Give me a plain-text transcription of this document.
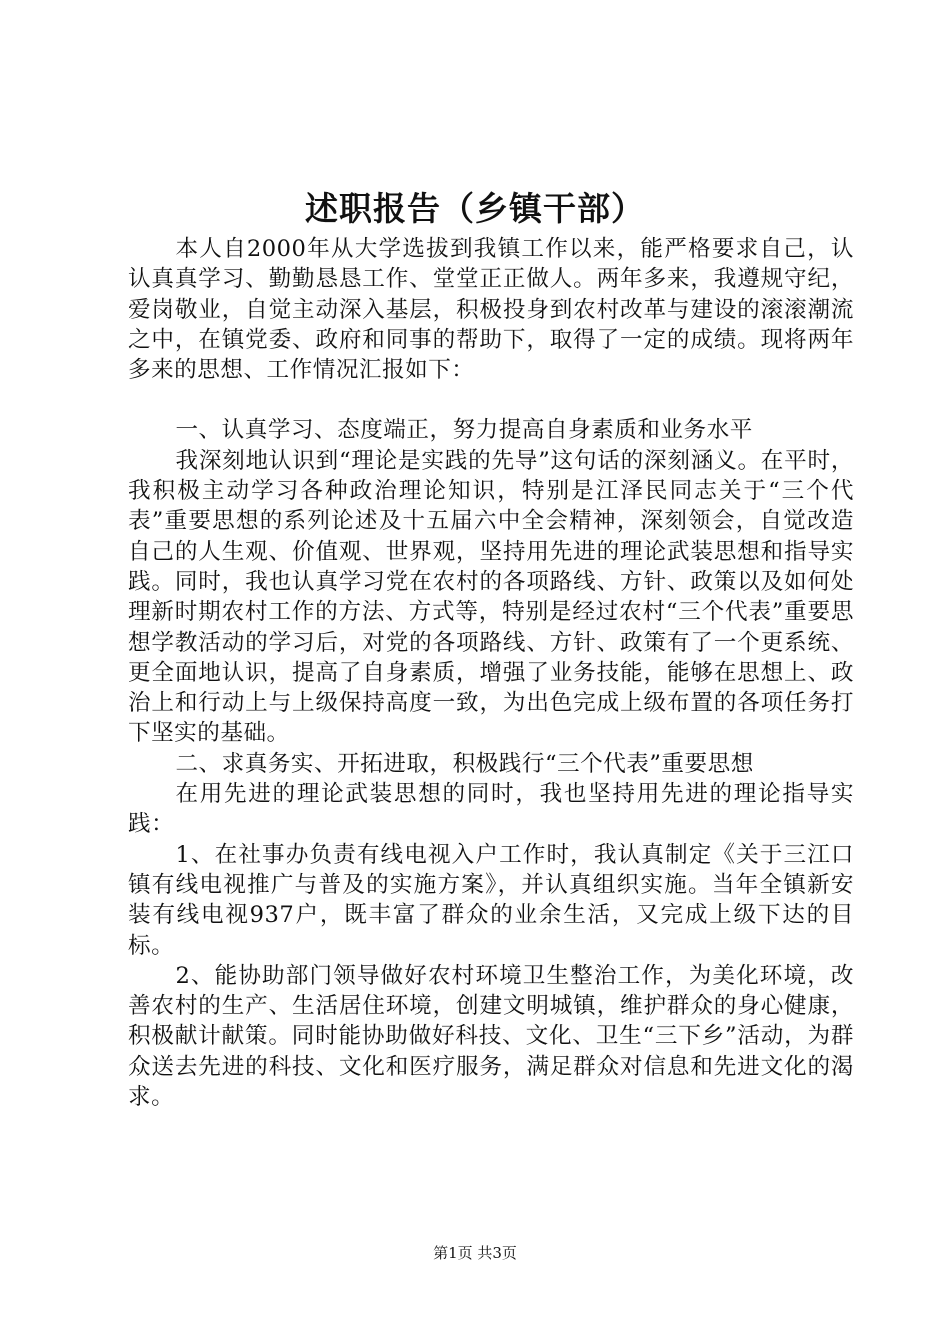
述职报告（乡镇干部）

本人自2000年从大学选拔到我镇工作以来，能严格要求自己，认认真真学习、勤勤恳恳工作、堂堂正正做人。两年多来，我遵规守纪，爱岗敬业，自觉主动深入基层，积极投身到农村改革与建设的滚滚潮流之中，在镇党委、政府和同事的帮助下，取得了一定的成绩。现将两年多来的思想、工作情况汇报如下：

一、认真学习、态度端正，努力提高自身素质和业务水平

我深刻地认识到“理论是实践的先导”这句话的深刻涵义。在平时，我积极主动学习各种政治理论知识，特别是江泽民同志关于“三个代表”重要思想的系列论述及十五届六中全会精神，深刻领会，自觉改造自己的人生观、价值观、世界观，坚持用先进的理论武装思想和指导实践。同时，我也认真学习党在农村的各项路线、方针、政策以及如何处理新时期农村工作的方法、方式等，特别是经过农村“三个代表”重要思想学教活动的学习后，对党的各项路线、方针、政策有了一个更系统、更全面地认识，提高了自身素质，增强了业务技能，能够在思想上、政治上和行动上与上级保持高度一致，为出色完成上级布置的各项任务打下坚实的基础。

二、求真务实、开拓进取，积极践行“三个代表”重要思想

在用先进的理论武装思想的同时，我也坚持用先进的理论指导实践：

1、在社事办负责有线电视入户工作时，我认真制定《关于三江口镇有线电视推广与普及的实施方案》，并认真组织实施。当年全镇新安装有线电视937户，既丰富了群众的业余生活，又完成上级下达的目标。

2、能协助部门领导做好农村环境卫生整治工作，为美化环境，改善农村的生产、生活居住环境，创建文明城镇，维护群众的身心健康，积极献计献策。同时能协助做好科技、文化、卫生“三下乡”活动，为群众送去先进的科技、文化和医疗服务，满足群众对信息和先进文化的渴求。

第1页 共3页
